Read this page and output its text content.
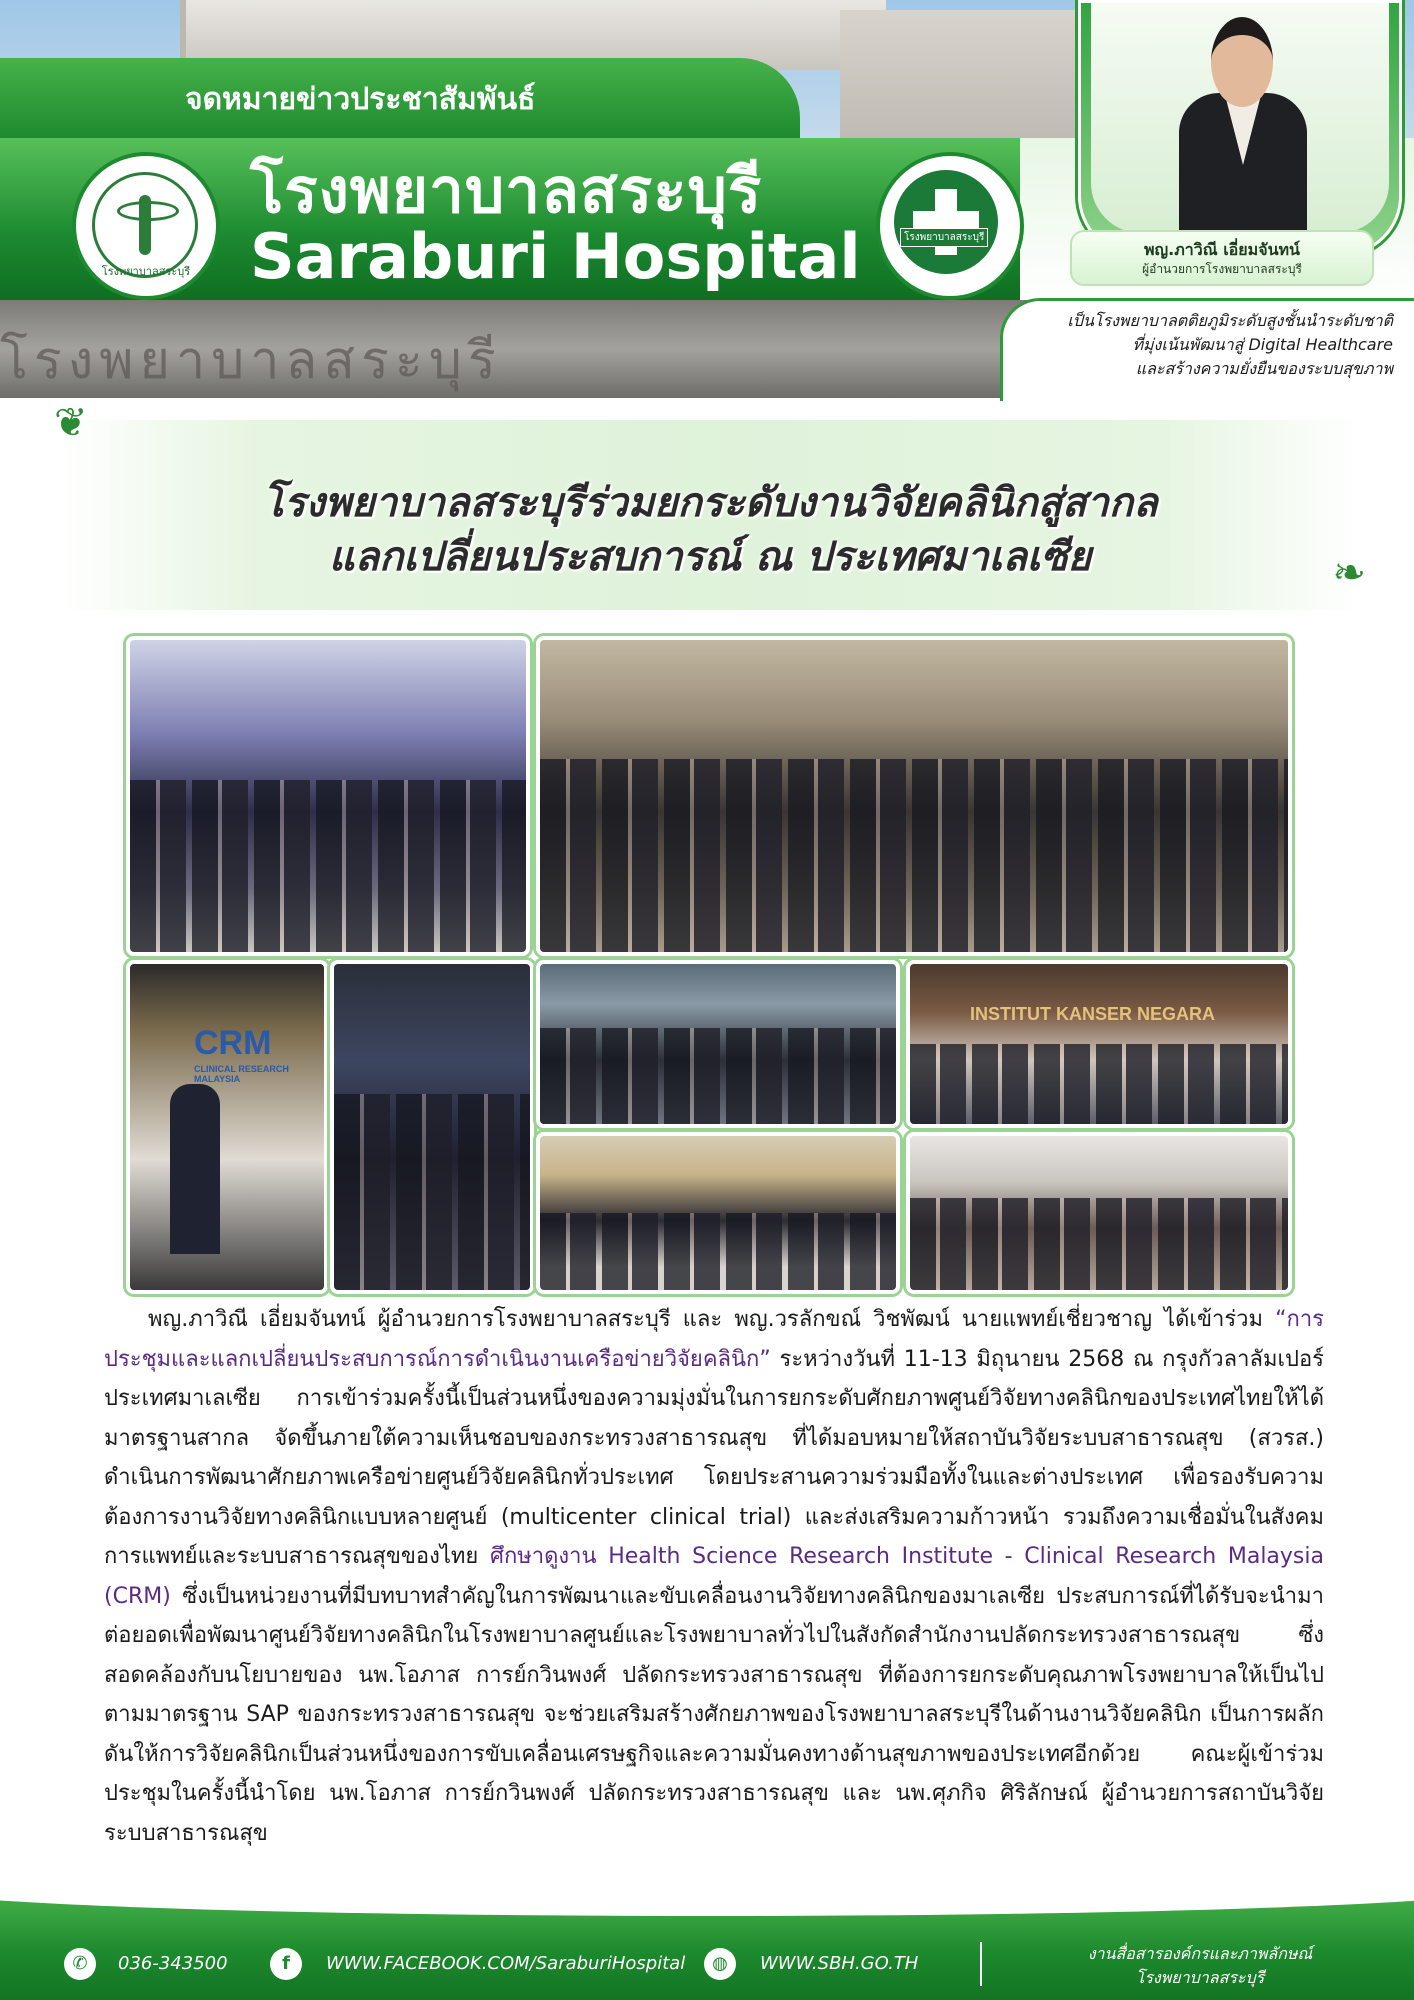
โรงพยาบาลสระบุรี
จดหมายข่าวประชาสัมพันธ์
โรงพยาบาลสระบุรี
Saraburi Hospital
โรงพยาบาลสระบุรี
โรงพยาบาลสระบุรี
พญ.ภาวิณี เอี่ยมจันทน์
ผู้อำนวยการโรงพยาบาลสระบุรี
เป็นโรงพยาบาลตติยภูมิระดับสูงชั้นนำระดับชาติ
ที่มุ่งเน้นพัฒนาสู่ Digital Healthcare
และสร้างความยั่งยืนของระบบสุขภาพ
❦
❧
โรงพยาบาลสระบุรีร่วมยกระดับงานวิจัยคลินิกสู่สากล
แลกเปลี่ยนประสบการณ์ ณ ประเทศมาเลเซีย
CRM
CLINICAL RESEARCH MALAYSIA
INSTITUT KANSER NEGARA
พญ.ภาวิณี เอี่ยมจันทน์ ผู้อำนวยการโรงพยาบาลสระบุรี และ พญ.วรลักขณ์ วิชพัฒน์ นายแพทย์เชี่ยวชาญ ได้เข้าร่วม “การประชุมและแลกเปลี่ยนประสบการณ์การดำเนินงานเครือข่ายวิจัยคลินิก” ระหว่างวันที่ 11-13 มิถุนายน 2568 ณ กรุงกัวลาลัมเปอร์ ประเทศมาเลเซีย การเข้าร่วมครั้งนี้เป็นส่วนหนึ่งของความมุ่งมั่นในการยกระดับศักยภาพศูนย์วิจัยทางคลินิกของประเทศไทยให้ได้มาตรฐานสากล จัดขึ้นภายใต้ความเห็นชอบของกระทรวงสาธารณสุข ที่ได้มอบหมายให้สถาบันวิจัยระบบสาธารณสุข (สวรส.) ดำเนินการพัฒนาศักยภาพเครือข่ายศูนย์วิจัยคลินิกทั่วประเทศ โดยประสานความร่วมมือทั้งในและต่างประเทศ เพื่อรองรับความต้องการงานวิจัยทางคลินิกแบบหลายศูนย์ (multicenter clinical trial) และส่งเสริมความก้าวหน้า รวมถึงความเชื่อมั่นในสังคมการแพทย์และระบบสาธารณสุขของไทย ศึกษาดูงาน Health Science Research Institute - Clinical Research Malaysia (CRM) ซึ่งเป็นหน่วยงานที่มีบทบาทสำคัญในการพัฒนาและขับเคลื่อนงานวิจัยทางคลินิกของมาเลเซีย ประสบการณ์ที่ได้รับจะนำมาต่อยอดเพื่อพัฒนาศูนย์วิจัยทางคลินิกในโรงพยาบาลศูนย์และโรงพยาบาลทั่วไปในสังกัดสำนักงานปลัดกระทรวงสาธารณสุข ซึ่งสอดคล้องกับนโยบายของ นพ.โอภาส การย์กวินพงศ์ ปลัดกระทรวงสาธารณสุข ที่ต้องการยกระดับคุณภาพโรงพยาบาลให้เป็นไปตามมาตรฐาน SAP ของกระทรวงสาธารณสุข จะช่วยเสริมสร้างศักยภาพของโรงพยาบาลสระบุรีในด้านงานวิจัยคลินิก เป็นการผลักดันให้การวิจัยคลินิกเป็นส่วนหนึ่งของการขับเคลื่อนเศรษฐกิจและความมั่นคงทางด้านสุขภาพของประเทศอีกด้วย คณะผู้เข้าร่วมประชุมในครั้งนี้นำโดย นพ.โอภาส การย์กวินพงศ์ ปลัดกระทรวงสาธารณสุข และ นพ.ศุภกิจ ศิริลักษณ์ ผู้อำนวยการสถาบันวิจัยระบบสาธารณสุข
✆	036-343500	f	WWW.FACEBOOK.COM/SaraburiHospital	◍	WWW.SBH.GO.TH	งานสื่อสารองค์กรและภาพลักษณ์
โรงพยาบาลสระบุรี
